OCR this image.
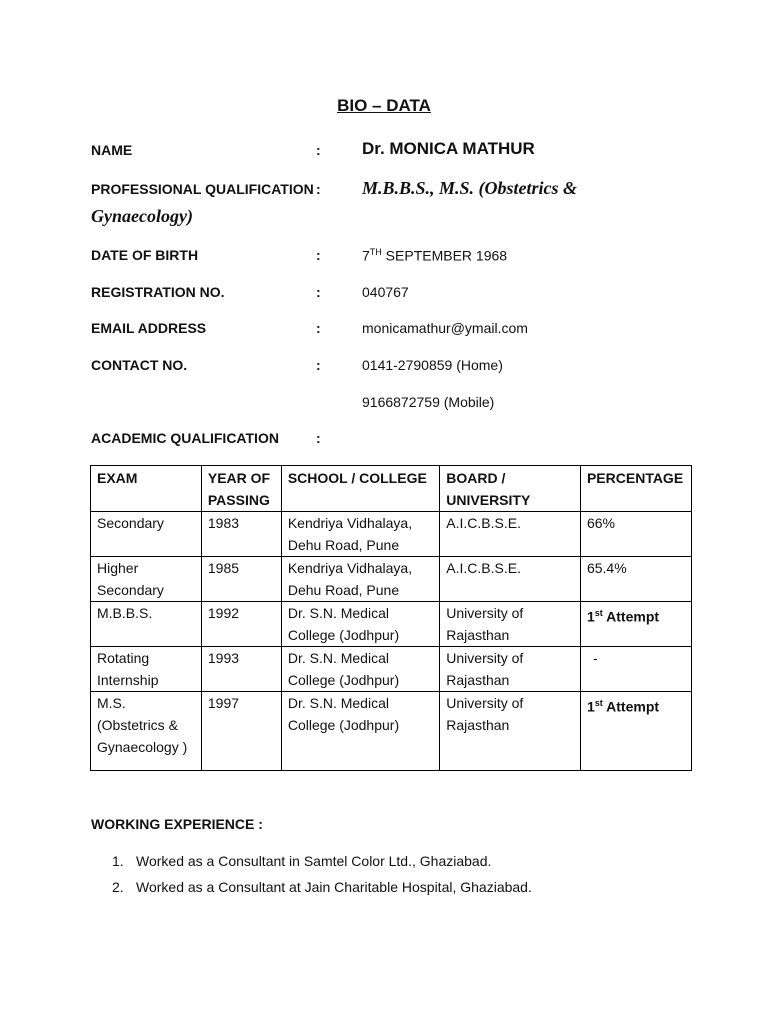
BIO – DATA
NAME	: Dr. MONICA MATHUR
PROFESSIONAL QUALIFICATION : M.B.B.S., M.S. (Obstetrics &
Gynaecology)
DATE OF BIRTH	:	7TH SEPTEMBER 1968
REGISTRATION NO.	:	040767
EMAIL ADDRESS	:	monicamathur@ymail.com
CONTACT NO.	:	0141-2790859 (Home)
9166872759 (Mobile)
ACADEMIC QUALIFICATION	:
EXAM	YEAR OF PASSING	SCHOOL / COLLEGE	BOARD / UNIVERSITY	PERCENTAGE
Secondary	1983	Kendriya Vidhalaya, Dehu Road, Pune	A.I.C.B.S.E.	66%
Higher Secondary	1985	Kendriya Vidhalaya, Dehu Road, Pune	A.I.C.B.S.E.	65.4%
M.B.B.S.	1992	Dr. S.N. Medical College (Jodhpur)	University of Rajasthan	1st Attempt
Rotating Internship	1993	Dr. S.N. Medical College (Jodhpur)	University of Rajasthan	-
M.S. (Obstetrics & Gynaecology )	1997	Dr. S.N. Medical College (Jodhpur)	University of Rajasthan	1st Attempt
WORKING EXPERIENCE :
1. Worked as a Consultant in Samtel Color Ltd., Ghaziabad.
2. Worked as a Consultant at Jain Charitable Hospital, Ghaziabad.
